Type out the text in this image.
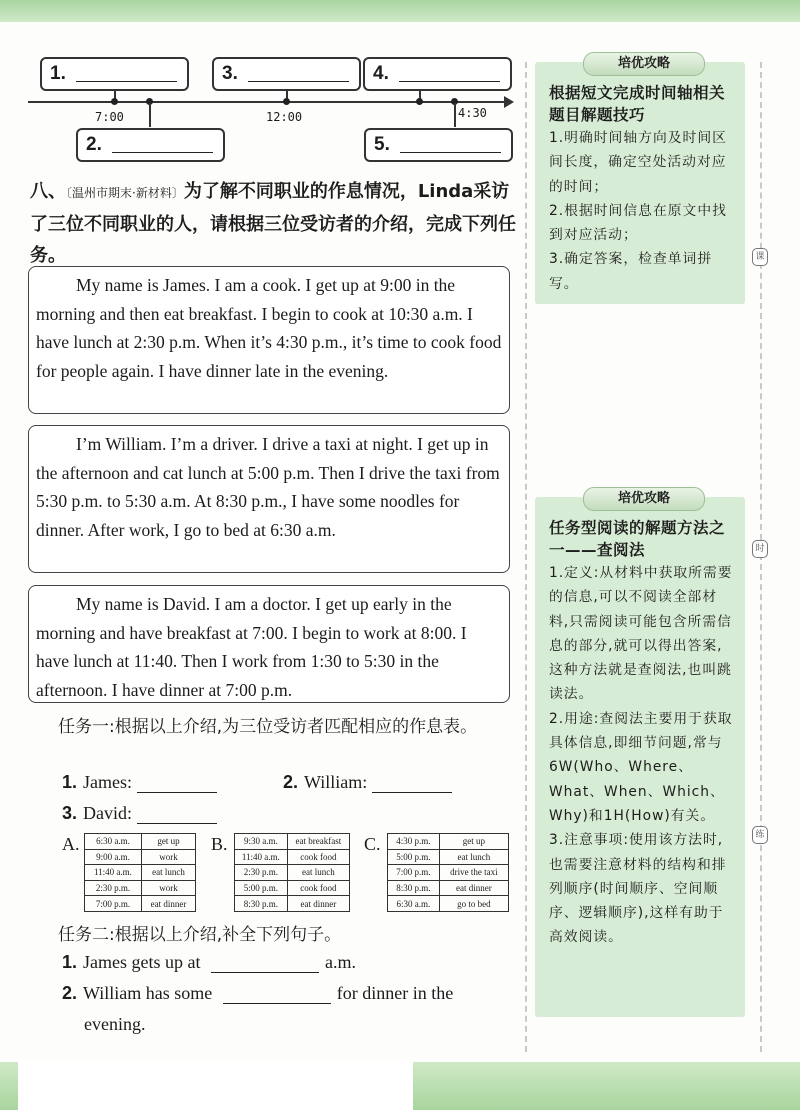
1.	3.	4.
2.	5.
7:00	12:00	4:30
八、〔温州市期末·新材料〕为了解不同职业的作息情况，Linda采访了三位不同职业的人，请根据三位受访者的介绍，完成下列任务。
My name is James. I am a cook. I get up at 9:00 in the morning and then eat breakfast. I begin to cook at 10:30 a.m. I have lunch at 2:30 p.m. When it’s 4:30 p.m., it’s time to cook food for people again. I have dinner late in the evening.
I’m William. I’m a driver. I drive a taxi at night. I get up in the afternoon and cat lunch at 5:00 p.m. Then I drive the taxi from 5:30 p.m. to 5:30 a.m. At 8:30 p.m., I have some noodles for dinner. After work, I go to bed at 6:30 a.m.
My name is David. I am a doctor. I get up early in the morning and have breakfast at 7:00. I begin to work at 8:00. I have lunch at 11:40. Then I work from 1:30 to 5:30 in the afternoon. I have dinner at 7:00 p.m.
任务一:根据以上介绍,为三位受访者匹配相应的作息表。
1. James:	2. William:
3. David:
A. 6:30 a.m.	get up
9:00 a.m.	work
11:40 a.m.	eat lunch
2:30 p.m.	work
7:00 p.m.	eat dinner
B. 9:30 a.m.	eat breakfast
11:40 a.m.	cook food
2:30 p.m.	eat lunch
5:00 p.m.	cook food
8:30 p.m.	eat dinner
C. 4:30 p.m.	get up
5:00 p.m.	eat lunch
7:00 p.m.	drive the taxi
8:30 p.m.	eat dinner
6:30 a.m.	go to bed
任务二:根据以上介绍,补全下列句子。
1. James gets up at	a.m.
2. William has some	for dinner in the
evening.
培优攻略
根据短文完成时间轴相关题目解题技巧

1.明确时间轴方向及时间区间长度，确定空处活动对应的时间；

2.根据时间信息在原文中找到对应活动；

3.确定答案，检查单词拼写。

培优攻略
任务型阅读的解题方法之一——查阅法

1.定义:从材料中获取所需要的信息,可以不阅读全部材料,只需阅读可能包含所需信息的部分,就可以得出答案,这种方法就是查阅法,也叫跳读法。

2.用途:查阅法主要用于获取具体信息,即细节问题,常与6W(Who、Where、What、When、Which、Why)和1H(How)有关。

3.注意事项:使用该方法时,也需要注意材料的结构和排列顺序(时间顺序、空间顺序、逻辑顺序),这样有助于高效阅读。

课
时
练
